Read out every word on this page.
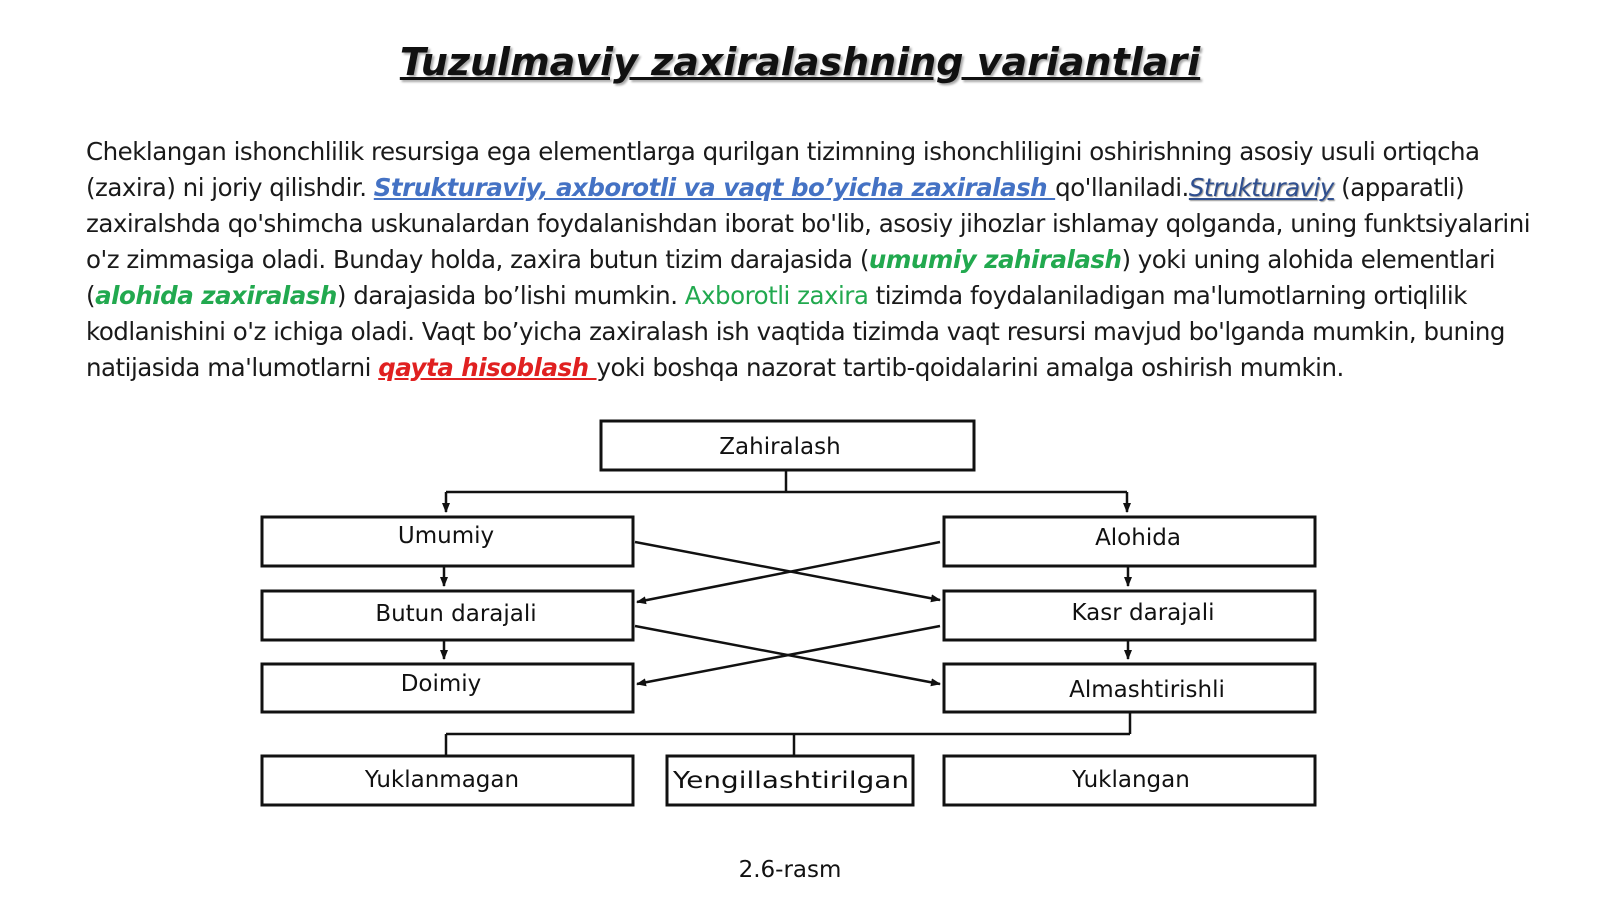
Tuzulmaviy zaxiralashning variantlari
Cheklangan ishonchlilik resursiga ega elementlarga qurilgan tizimning ishonchliligini oshirishning asosiy usuli ortiqcha (zaxira) ni joriy qilishdir. Strukturaviy, axborotli va vaqt bo’yicha zaxiralash qo'llaniladi.Strukturaviy (apparatli) zaxiralshda qo'shimcha uskunalardan foydalanishdan iborat bo'lib, asosiy jihozlar ishlamay qolganda, uning funktsiyalarini o'z zimmasiga oladi. Bunday holda, zaxira butun tizim darajasida (umumiy zahiralash) yoki uning alohida elementlari (alohida zaxiralash) darajasida bo’lishi mumkin. Axborotli zaxira tizimda foydalaniladigan ma'lumotlarning ortiqlilik kodlanishini o'z ichiga oladi. Vaqt bo’yicha zaxiralash ish vaqtida tizimda vaqt resursi mavjud bo'lganda mumkin, buning natijasida ma'lumotlarni qayta hisoblash yoki boshqa nazorat tartib-qoidalarini amalga oshirish mumkin.
Zahiralash
Umumiy
Butun darajali
Doimiy
Alohida
Kasr darajali
Almashtirishli
Yuklanmagan	Yengillashtirilgan	Yuklangan
2.6-rasm
